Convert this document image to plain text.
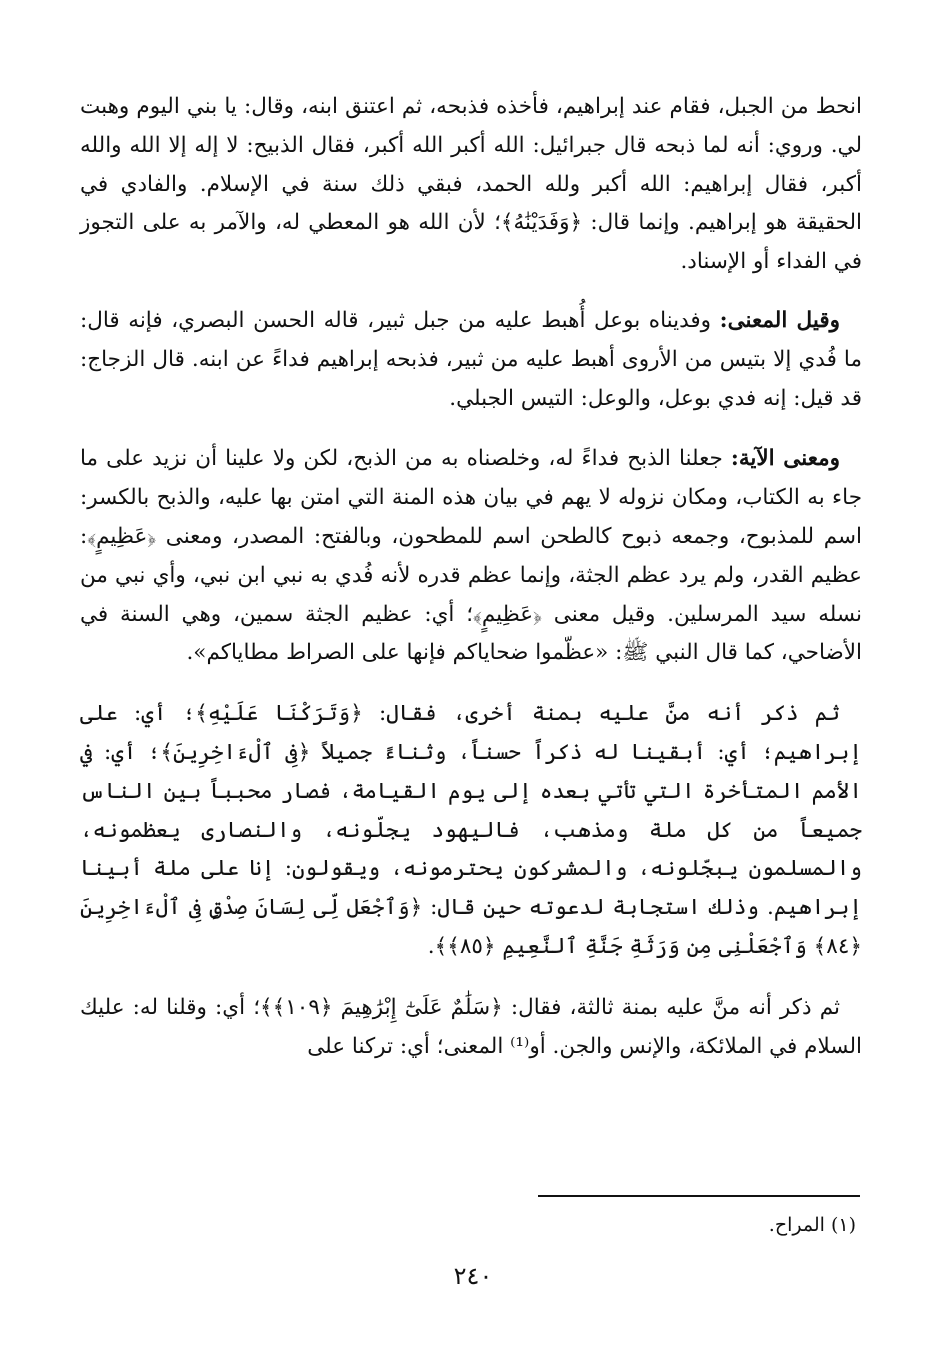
انحط من الجبل، فقام عند إبراهيم، فأخذه فذبحه، ثم اعتنق ابنه، وقال: يا بني اليوم وهبت لي. وروي: أنه لما ذبحه قال جبرائيل: الله أكبر الله أكبر، فقال الذبيح: لا إله إلا الله والله أكبر، فقال إبراهيم: الله أكبر ولله الحمد، فبقي ذلك سنة في الإسلام. والفادي في الحقيقة هو إبراهيم. وإنما قال: ﴿وَفَدَيْنَٰهُ﴾؛ لأن الله هو المعطي له، والآمر به على التجوز في الفداء أو الإسناد.

وقيل المعنى: وفديناه بوعل أُهبط عليه من جبل ثبير، قاله الحسن البصري، فإنه قال: ما فُدي إلا بتيس من الأروى أهبط عليه من ثبير، فذبحه إبراهيم فداءً عن ابنه. قال الزجاج: قد قيل: إنه فدي بوعل، والوعل: التيس الجبلي.

ومعنى الآية: جعلنا الذبح فداءً له، وخلصناه به من الذبح، لكن ولا علينا أن نزيد على ما جاء به الكتاب، ومكان نزوله لا يهم في بيان هذه المنة التي امتن بها عليه، والذبح بالكسر: اسم للمذبوح، وجمعه ذبوح كالطحن اسم للمطحون، وبالفتح: المصدر، ومعنى ﴿عَظِيمٍ﴾: عظيم القدر، ولم يرد عظم الجثة، وإنما عظم قدره لأنه فُدي به نبي ابن نبي، وأي نبي من نسله سيد المرسلين. وقيل معنى ﴿عَظِيمٍ﴾؛ أي: عظيم الجثة سمين، وهي السنة في الأضاحي، كما قال النبي ﷺ: «عظّموا ضحاياكم فإنها على الصراط مطاياكم».

ثم ذكر أنه منَّ عليه بمنة أخرى، فقال: ﴿وَتَرَكْنَا عَلَيْهِ﴾؛ أي: على إبراهيم؛ أي: أبقينا له ذكراً حسناً، وثناءً جميلاً ﴿فِى ٱلْءَاخِرِينَ﴾؛ أي: في الأمم المتأخرة التي تأتي بعده إلى يوم القيامة، فصار محبباً بين الناس جميعاً من كل ملة ومذهب، فاليهود يجلّونه، والنصارى يعظمونه، والمسلمون يبجّلونه، والمشركون يحترمونه، ويقولون: إنا على ملة أبينا إبراهيم. وذلك استجابة لدعوته حين قال: ﴿وَٱجْعَل لِّى لِسَانَ صِدْقٍ فِى ٱلْءَاخِرِينَ ﴿٨٤﴾ وَٱجْعَلْنِى مِن وَرَثَةِ جَنَّةِ ٱلنَّعِيمِ ﴿٨٥﴾﴾.

ثم ذكر أنه منَّ عليه بمنة ثالثة، فقال: ﴿سَلَٰمٌ عَلَىٰٓ إِبْرَٰهِيمَ ﴿١٠٩﴾﴾؛ أي: وقلنا له: عليك السلام في الملائكة، والإنس والجن. أو⁽¹⁾ المعنى؛ أي: تركنا على

(١) المراح.
٢٤٠
